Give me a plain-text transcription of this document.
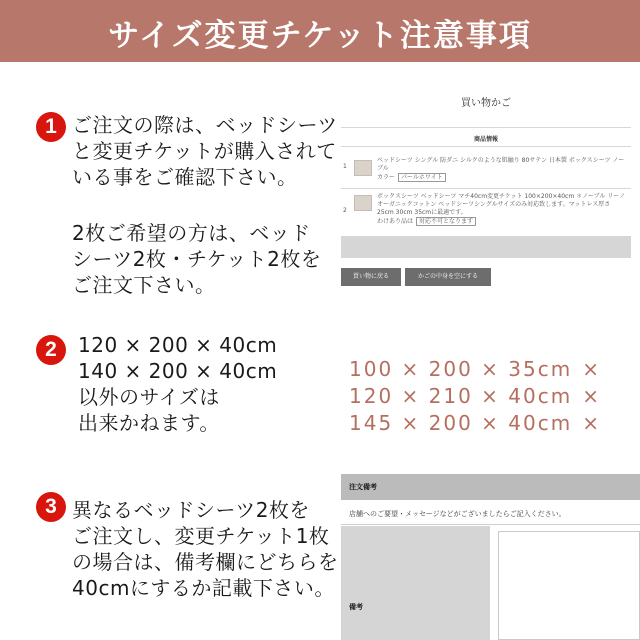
サイズ変更チケット注意事項
1 ご注文の際は、ベッドシーツ
と変更チケットが購入されて
いる事をご確認下さい。
2枚ご希望の方は、ベッド
シーツ2枚・チケット2枚を
ご注文下さい。
買い物かご
商品情報
1
ベッドシーツ シングル 防ダニ シルクのような肌触り 80サテン 日本製 ボックスシーツ ノー
ブル
カラー パールホワイト
2
ボックスシーツ ベッドシーツ マチ40cm変更チケット 100×200×40cm ＊ノーブル リーノ
オーガニックコットン ベッドシーツシングルサイズのみ対応致します。マットレス厚さ
25cm 30cm 35cmに最適です。
わけあり品は 対応不可となります
買い物に戻る	かごの中身を空にする
2	120 × 200 × 40cm
140 × 200 × 40cm
以外のサイズは
出来かねます。
100 × 200 × 35cm ×
120 × 210 × 40cm ×
145 × 200 × 40cm ×
3 異なるベッドシーツ2枚を
ご注文し、変更チケット1枚
の場合は、備考欄にどちらを
40cmにするか記載下さい。
注文備考
店舗へのご要望・メッセージなどがございましたらご記入ください。
備考
